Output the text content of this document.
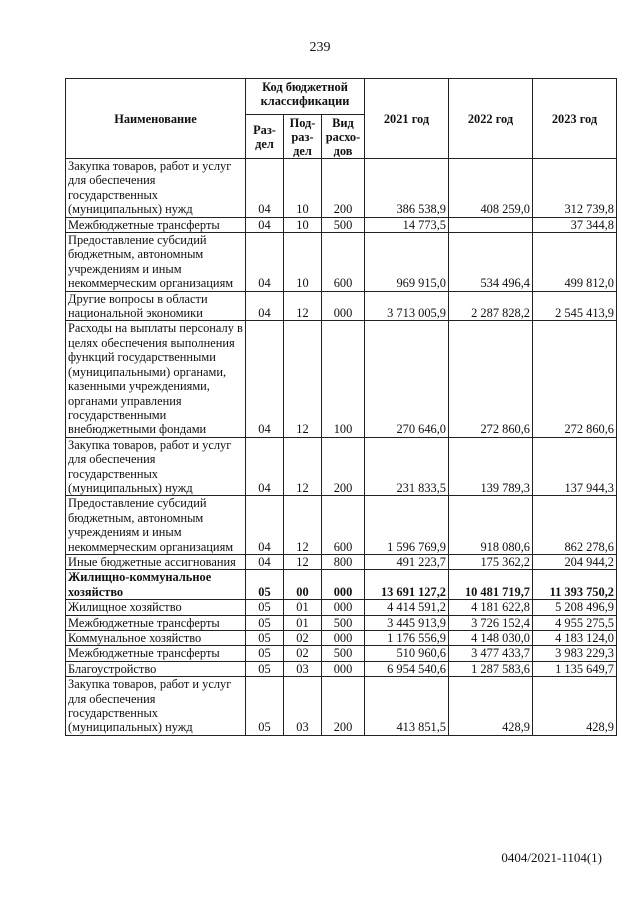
239
Наименование	Код бюджетной классификации			2021 год	2022 год	2023 год
	Раз-дел	Под-раз-дел	Вид расхо-дов			
Закупка товаров, работ и услуг для обеспечения государственных (муниципальных) нужд	04	10	200	386 538,9	408 259,0	312 739,8
Межбюджетные трансферты	04	10	500	14 773,5		37 344,8
Предоставление субсидий бюджетным, автономным учреждениям и иным некоммерческим организациям	04	10	600	969 915,0	534 496,4	499 812,0
Другие вопросы в области национальной экономики	04	12	000	3 713 005,9	2 287 828,2	2 545 413,9
Расходы на выплаты персоналу в целях обеспечения выполнения функций государственными (муниципальными) органами, казенными учреждениями, органами управления государственными внебюджетными фондами	04	12	100	270 646,0	272 860,6	272 860,6
Закупка товаров, работ и услуг для обеспечения государственных (муниципальных) нужд	04	12	200	231 833,5	139 789,3	137 944,3
Предоставление субсидий бюджетным, автономным учреждениям и иным некоммерческим организациям	04	12	600	1 596 769,9	918 080,6	862 278,6
Иные бюджетные ассигнования	04	12	800	491 223,7	175 362,2	204 944,2
Жилищно-коммунальное хозяйство	05	00	000	13 691 127,2	10 481 719,7	11 393 750,2
Жилищное хозяйство	05	01	000	4 414 591,2	4 181 622,8	5 208 496,9
Межбюджетные трансферты	05	01	500	3 445 913,9	3 726 152,4	4 955 275,5
Коммунальное хозяйство	05	02	000	1 176 556,9	4 148 030,0	4 183 124,0
Межбюджетные трансферты	05	02	500	510 960,6	3 477 433,7	3 983 229,3
Благоустройство	05	03	000	6 954 540,6	1 287 583,6	1 135 649,7
Закупка товаров, работ и услуг для обеспечения государственных (муниципальных) нужд	05	03	200	413 851,5	428,9	428,9
0404/2021-1104(1)
